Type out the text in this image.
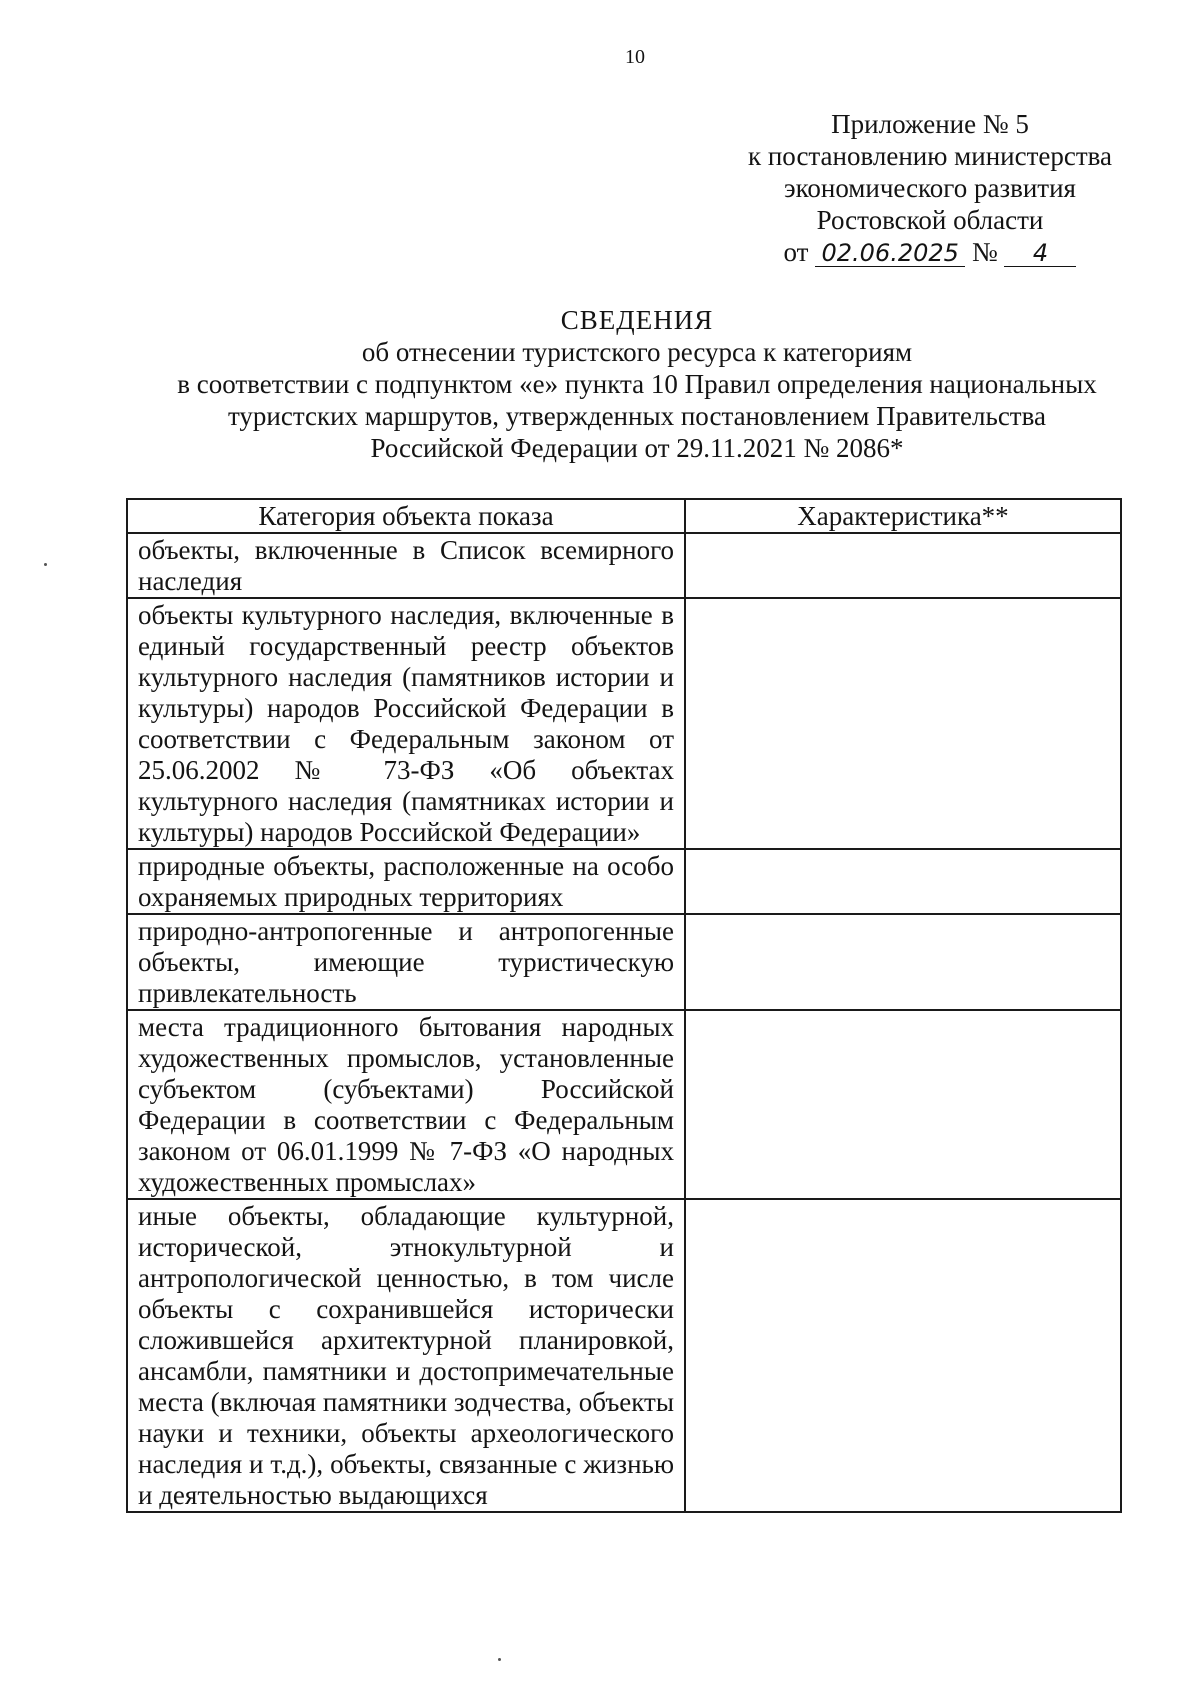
10
Приложение № 5
к постановлению министерства
экономического развития
Ростовской области
от 02.06.2025 № 4
СВЕДЕНИЯ
об отнесении туристского ресурса к категориям
в соответствии с подпунктом «е» пункта 10 Правил определения национальных
туристских маршрутов, утвержденных постановлением Правительства
Российской Федерации от 29.11.2021 № 2086*
Категория объекта показа	Характеристика**
объекты, включенные в Список всемирного наследия	
объекты культурного наследия, включенные в единый государственный реестр объектов культурного наследия (памятников истории и культуры) народов Российской Федерации в соответствии с Федеральным законом от 25.06.2002 № 73-ФЗ «Об объектах культурного наследия (памятниках истории и культуры) народов Российской Федерации»	
природные объекты, расположенные на особо охраняемых природных территориях	
природно-антропогенные и антропогенные объекты, имеющие туристическую привлекательность	
места традиционного бытования народных художественных промыслов, установленные субъектом (субъектами) Российской Федерации в соответствии с Федеральным законом от 06.01.1999 № 7-ФЗ «О народных художественных промыслах»	
иные объекты, обладающие культурной, исторической, этнокультурной и антропологической ценностью, в том числе объекты с сохранившейся исторически сложившейся архитектурной планировкой, ансамбли, памятники и достопримечательные места (включая памятники зодчества, объекты науки и техники, объекты археологического наследия и т.д.), объекты, связанные с жизнью и деятельностью выдающихся	
